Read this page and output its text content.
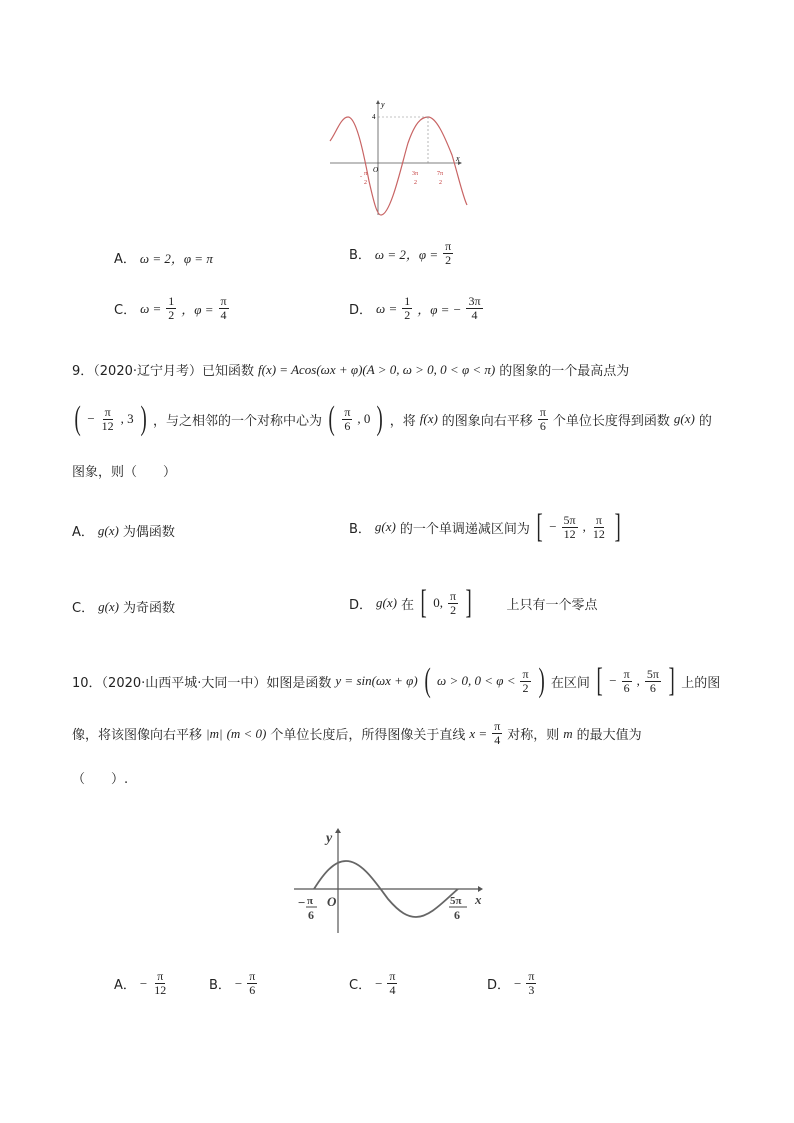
y
x
O
4
- π
2
3π
2
7π
2
A． ω = 2，φ = π	B． ω = 2，$\varphi = \frac{\pi}{2}$
C． $\omega = \frac{1}{2}$ ，$\varphi = \frac{\pi}{4}$	D． $\omega = \frac{1}{2}$ ，φ = − $\frac{3\pi}{4}$
9．（2020·辽宁月考）已知函数 f(x) = Acos(ωx + φ)(A > 0, ω > 0, 0 < φ < π) 的图象的一个最高点为
( − $\frac{\pi}{12}$ , 3 ) ，与之相邻的一个对称中心为 ( $\frac{\pi}{6}$ , 0 ) ，将 f(x) 的图象向右平移 $\frac{\pi}{6}$ 个单位长度得到函数 g(x) 的
图象，则（　　）
A． g(x) 为偶函数	B． g(x) 的一个单调递减区间为 [ − $\frac{5\pi}{12}$ , $\frac{\pi}{12}$ ]
C． g(x) 为奇函数	D． g(x) 在 [ 0, $\frac{\pi}{2}$ ]	上只有一个零点
10．（2020·山西平城·大同一中）如图是函数 y = sin(ωx + φ) ( ω > 0, $0 < \varphi < \frac{\pi}{2}$ ) 在区间 [ − $\frac{\pi}{6}$ , $\frac{5\pi}{6}$ ] 上的图
像，将该图像向右平移 |m| (m < 0) 个单位长度后，所得图像关于直线 $x = \frac{\pi}{4}$ 对称，则 m 的最大值为
（　　）.
y
x
O
− π
6
5π
6
A． − $\frac{\pi}{12}$	B． − $\frac{\pi}{6}$	C． − $\frac{\pi}{4}$	D． − $\frac{\pi}{3}$
